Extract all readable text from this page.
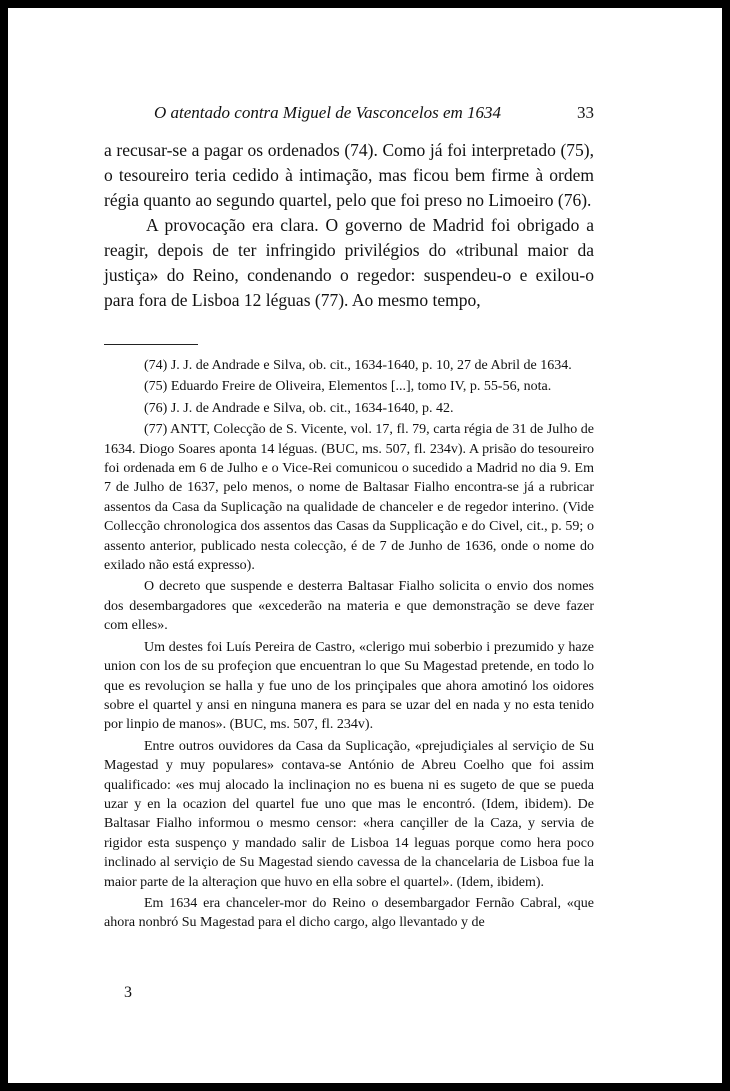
O atentado contra Miguel de Vasconcelos em 1634	33

a recusar-se a pagar os ordenados (74). Como já foi interpretado (75), o tesoureiro teria cedido à intimação, mas ficou bem firme à ordem régia quanto ao segundo quartel, pelo que foi preso no Limoeiro (76).

A provocação era clara. O governo de Madrid foi obrigado a reagir, depois de ter infringido privilégios do «tribunal maior da justiça» do Reino, condenando o regedor: suspendeu-o e exilou-o para fora de Lisboa 12 léguas (77). Ao mesmo tempo,

(74) J. J. de Andrade e Silva, ob. cit., 1634-1640, p. 10, 27 de Abril de 1634.

(75) Eduardo Freire de Oliveira, Elementos [...], tomo IV, p. 55-56, nota.

(76) J. J. de Andrade e Silva, ob. cit., 1634-1640, p. 42.

(77) ANTT, Colecção de S. Vicente, vol. 17, fl. 79, carta régia de 31 de Julho de 1634. Diogo Soares aponta 14 léguas. (BUC, ms. 507, fl. 234v). A prisão do tesoureiro foi ordenada em 6 de Julho e o Vice-Rei comunicou o sucedido a Madrid no dia 9. Em 7 de Julho de 1637, pelo menos, o nome de Baltasar Fialho encontra-se já a rubricar assentos da Casa da Suplicação na qualidade de chanceler e de regedor interino. (Vide Collecção chronologica dos assentos das Casas da Supplicação e do Civel, cit., p. 59; o assento anterior, publicado nesta colecção, é de 7 de Junho de 1636, onde o nome do exilado não está expresso).

O decreto que suspende e desterra Baltasar Fialho solicita o envio dos nomes dos desembargadores que «excederão na materia e que demonstração se deve fazer com elles».

Um destes foi Luís Pereira de Castro, «clerigo mui soberbio i prezumido y haze union con los de su profeçion que encuentran lo que Su Magestad pretende, en todo lo que es revoluçion se halla y fue uno de los prinçipales que ahora amotinó los oidores sobre el quartel y ansi en ninguna manera es para se uzar del en nada y no esta tenido por linpio de manos». (BUC, ms. 507, fl. 234v).

Entre outros ouvidores da Casa da Suplicação, «prejudiçiales al serviçio de Su Magestad y muy populares» contava-se António de Abreu Coelho que foi assim qualificado: «es muj alocado la inclinaçion no es buena ni es sugeto de que se pueda uzar y en la ocazion del quartel fue uno que mas le encontró. (Idem, ibidem). De Baltasar Fialho informou o mesmo censor: «hera cançiller de la Caza, y servia de rigidor esta suspenço y mandado salir de Lisboa 14 leguas porque como hera poco inclinado al serviçio de Su Magestad siendo cavessa de la chancelaria de Lisboa fue la maior parte de la alteraçion que huvo en ella sobre el quartel». (Idem, ibidem).

Em 1634 era chanceler-mor do Reino o desembargador Fernão Cabral, «que ahora nonbró Su Magestad para el dicho cargo, algo llevantado y de

3
